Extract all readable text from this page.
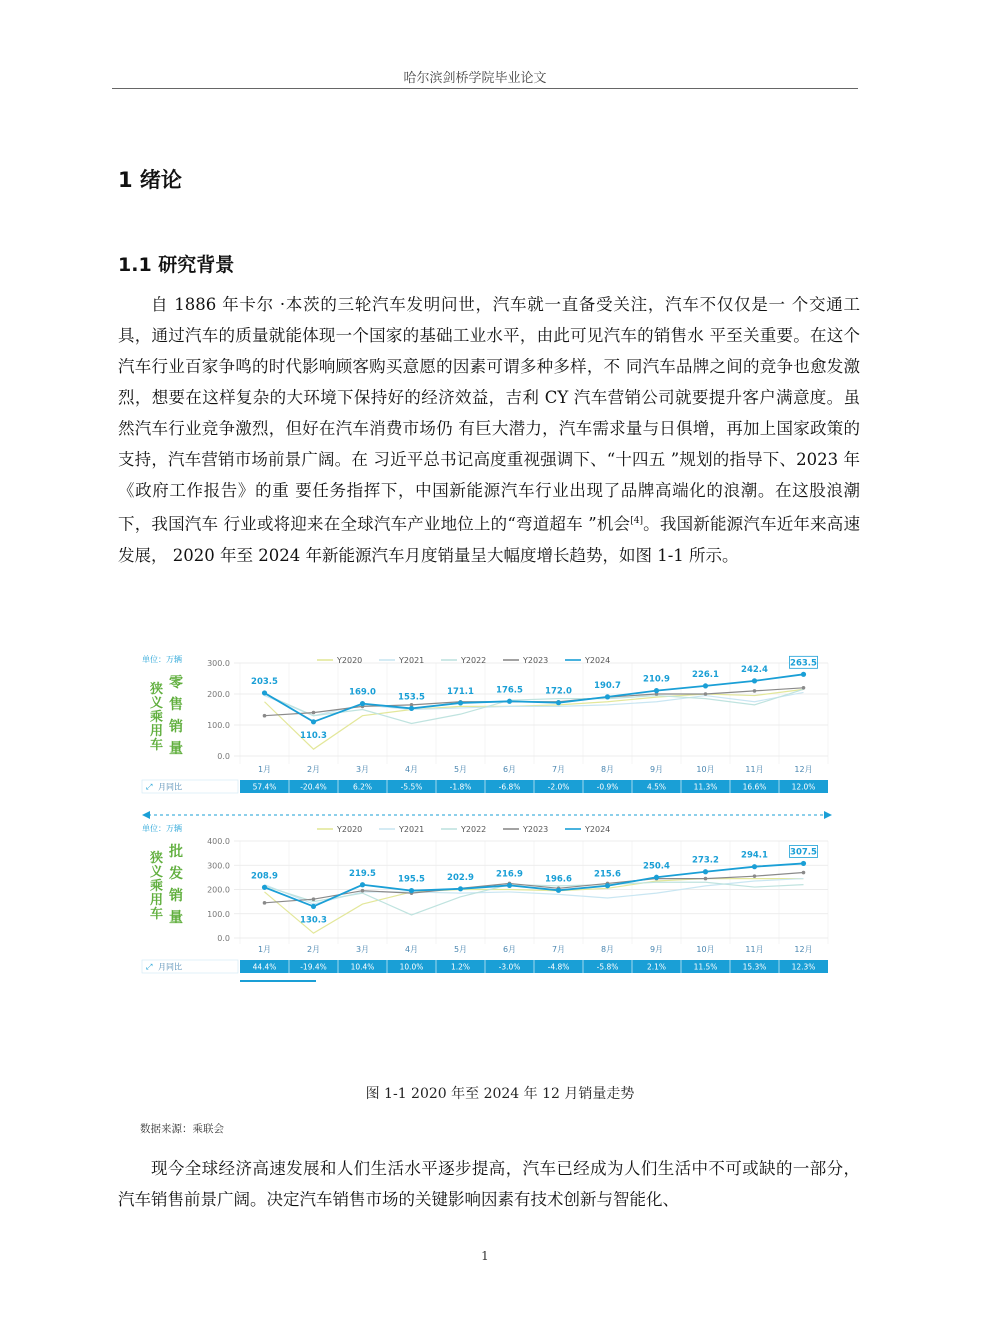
哈尔滨剑桥学院毕业论文
1 绪论
1.1 研究背景

自 1886 年卡尔 ·本茨的三轮汽车发明问世，汽车就一直备受关注，汽车不仅仅是一 个交通工具，通过汽车的质量就能体现一个国家的基础工业水平，由此可见汽车的销售水 平至关重要。在这个汽车行业百家争鸣的时代影响顾客购买意愿的因素可谓多种多样，不 同汽车品牌之间的竞争也愈发激烈，想要在这样复杂的大环境下保持好的经济效益，吉利 CY 汽车营销公司就要提升客户满意度。虽然汽车行业竞争激烈，但好在汽车消费市场仍 有巨大潜力，汽车需求量与日俱增，再加上国家政策的支持，汽车营销市场前景广阔。在 习近平总书记高度重视强调下、“十四五 ”规划的指导下、2023 年《政府工作报告》的重 要任务指挥下，中国新能源汽车行业出现了品牌高端化的浪潮。在这股浪潮下，我国汽车 行业或将迎来在全球汽车产业地位上的“弯道超车 ”机会[4]。我国新能源汽车近年来高速 发展， 2020 年至 2024 年新能源汽车月度销量呈大幅度增长趋势，如图 1-1 所示。

单位：万辆
狭
义
乘
用
车
零
售
销
量	0.0
100.0
200.0
300.0	Y2020	Y2021	Y2022	Y2023	Y2024
203.5
110.3
169.0	153.5
171.1	176.5	172.0
190.7
210.9	226.1
242.4
263.5
1月	2月	3月	4月	5月	6月	7月	8月	9月	10月	11月	12月
⤢ 月同比	57.4%	-20.4%	6.2%	-5.5%	-1.8%	-6.8%	-2.0%	-0.9%	4.5%	11.3%	16.6%	12.0%
单位：万辆
狭
义
乘
用
车
批
发
销
量
0.0
100.0
200.0
300.0
400.0
Y2020	Y2021	Y2022	Y2023	Y2024
208.9
130.3
219.5
195.5	202.9	216.9	196.6	215.6
250.4
273.2
294.1	307.5
1月	2月	3月	4月	5月	6月	7月	8月	9月	10月	11月	12月
⤢ 月同比	44.4%	-19.4%	10.4%	10.0%	1.2%	-3.0%	-4.8%	-5.8%	2.1%	11.5%	15.3%	12.3%
图 1-1 2020 年至 2024 年 12 月销量走势
数据来源：乘联会

现今全球经济高速发展和人们生活水平逐步提高，汽车已经成为人们生活中不可或缺的一部分，汽车销售前景广阔。决定汽车销售市场的关键影响因素有技术创新与智能化、

1
